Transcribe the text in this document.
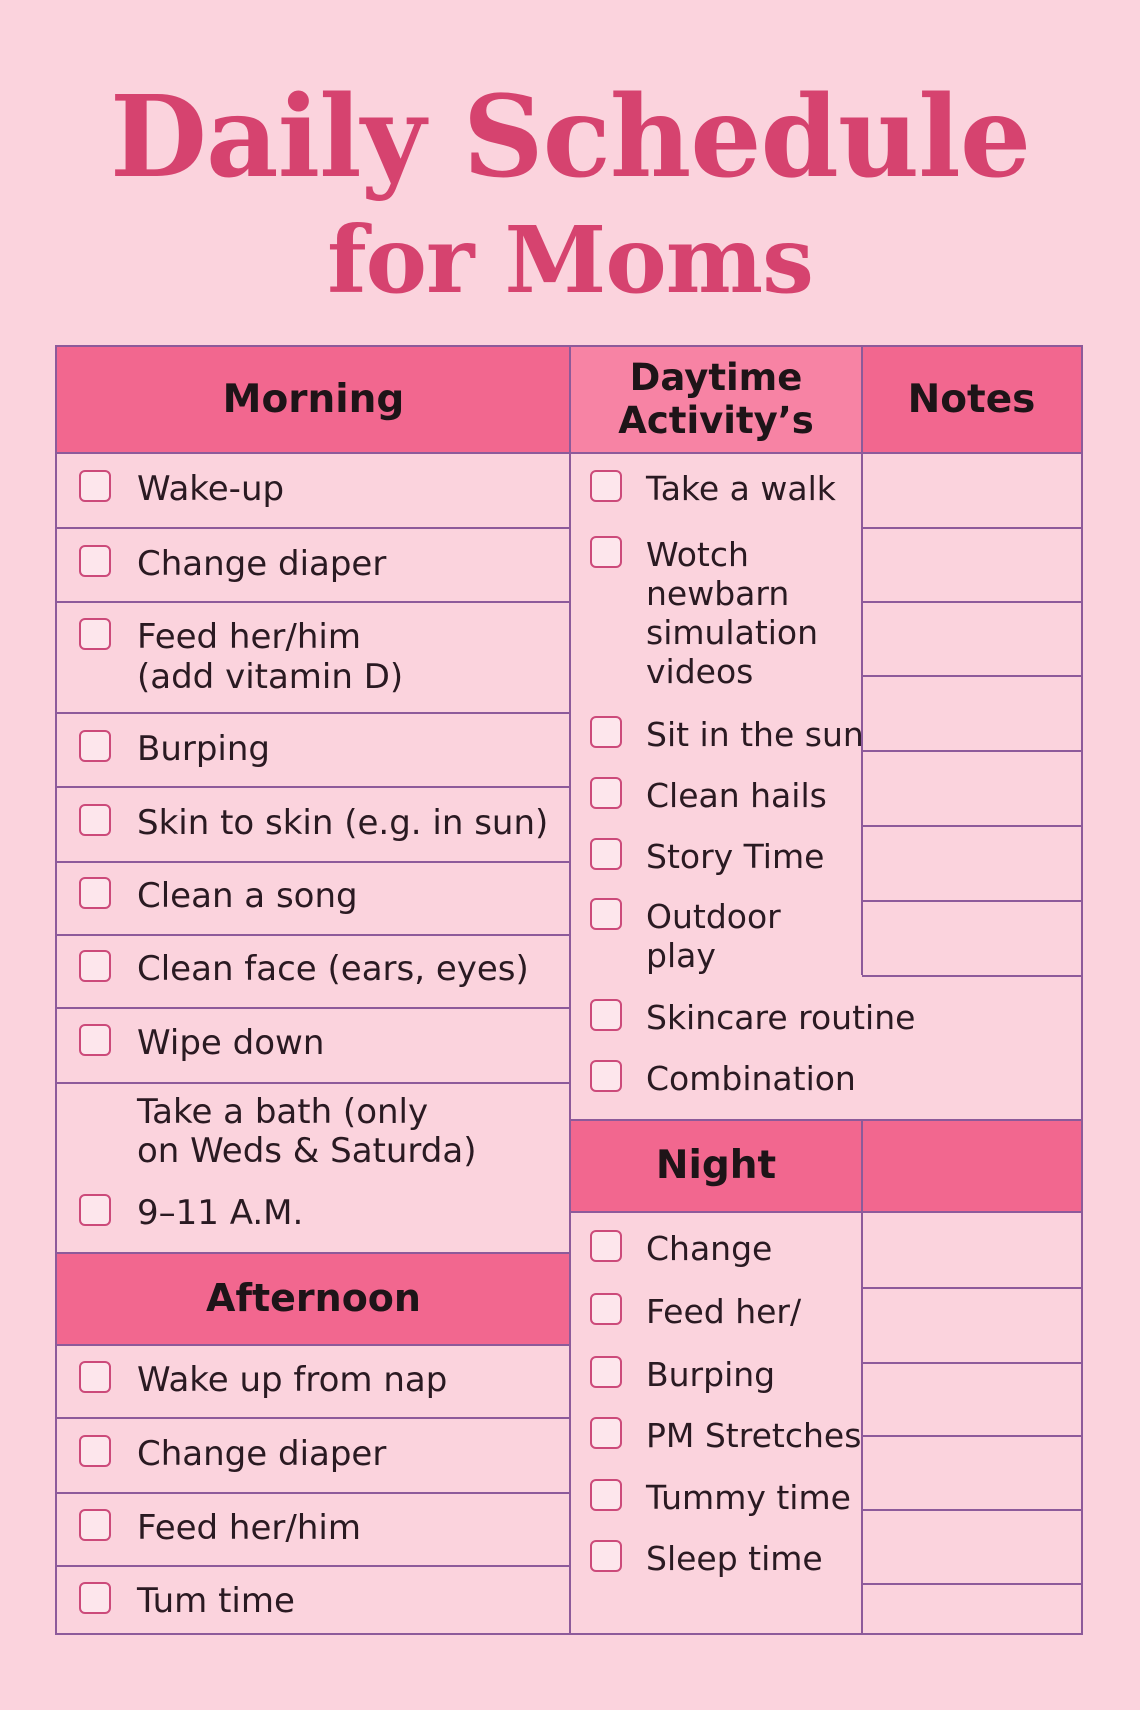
Daily Schedule
for Moms
Morning	Daytime
Activity’s Notes
Afternoon
Night
Wake-up
Change diaper
Feed her/him
(add vitamin D)
Burping
Skin to skin (e.g. in sun)
Clean a song
Clean face (ears, eyes)
Wipe down
Take a bath (only
on Weds & Saturda)
9–11 A.M.
Wake up from nap
Change diaper
Feed her/him
Tum time
Take a walk
Wotch
newbarn
simulation
videos
Sit in the sun
Clean hails
Story Time
Outdoor
play
Skincare routine
Combination
Change
Feed her/
Burping
PM Stretches
Tummy time
Sleep time
